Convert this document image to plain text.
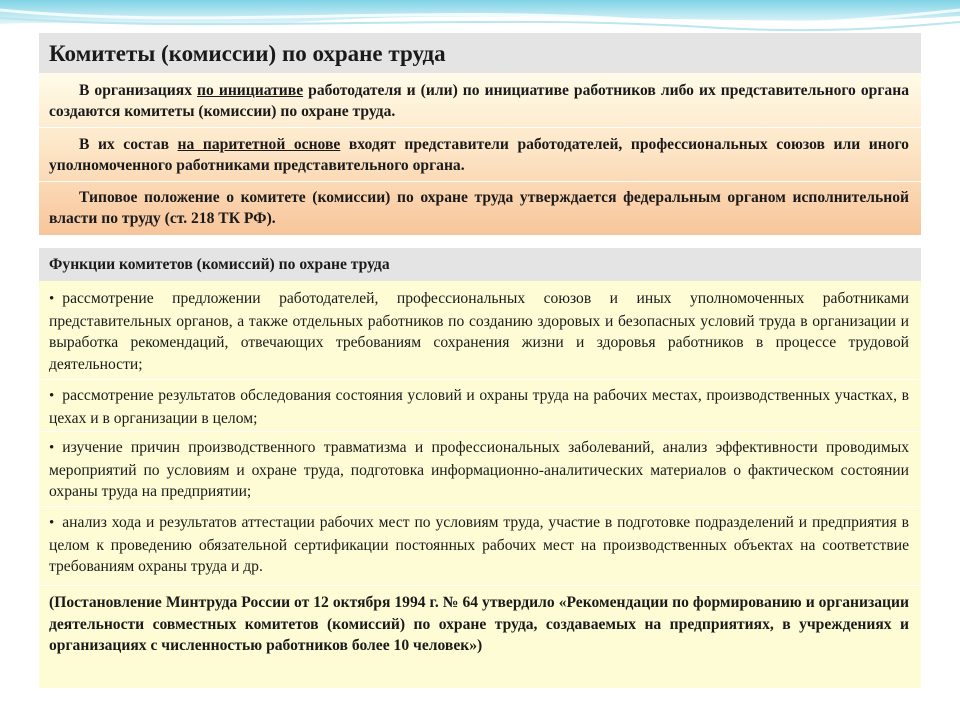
Комитеты (комиссии) по охране труда
В организациях по инициативе работодателя и (или) по инициативе работников либо их представительного органа создаются комитеты (комиссии) по охране труда.
В их состав на паритетной основе входят представители работодателей, профессиональных союзов или иного уполномоченного работниками представительного органа.
Типовое положение о комитете (комиссии) по охране труда утверждается федеральным органом исполнительной власти по труду (ст. 218 ТК РФ).
Функции комитетов (комиссий) по охране труда
• рассмотрение предложении работодателей, профессиональных союзов и иных уполномоченных работниками представительных органов, а также отдельных работников по созданию здоровых и безопасных условий труда в организации и выработка рекомендаций, отвечающих требованиям сохранения жизни и здоровья работников в процессе трудовой деятельности;
• рассмотрение результатов обследования состояния условий и охраны труда на рабочих местах, производственных участках, в цехах и в организации в целом;
• изучение причин производственного травматизма и профессиональных заболеваний, анализ эффективности проводимых мероприятий по условиям и охране труда, подготовка информационно-аналитических материалов о фактическом состоянии охраны труда на предприятии;
• анализ хода и результатов аттестации рабочих мест по условиям труда, участие в подготовке подразделений и предприятия в целом к проведению обязательной сертификации постоянных рабочих мест на производственных объектах на соответствие требованиям охраны труда и др.
(Постановление Минтруда России от 12 октября 1994 г. № 64 утвердило «Рекомендации по формированию и организации деятельности совместных комитетов (комиссий) по охране труда, создаваемых на предприятиях, в учреждениях и организациях с численностью работников более 10 человек»)
